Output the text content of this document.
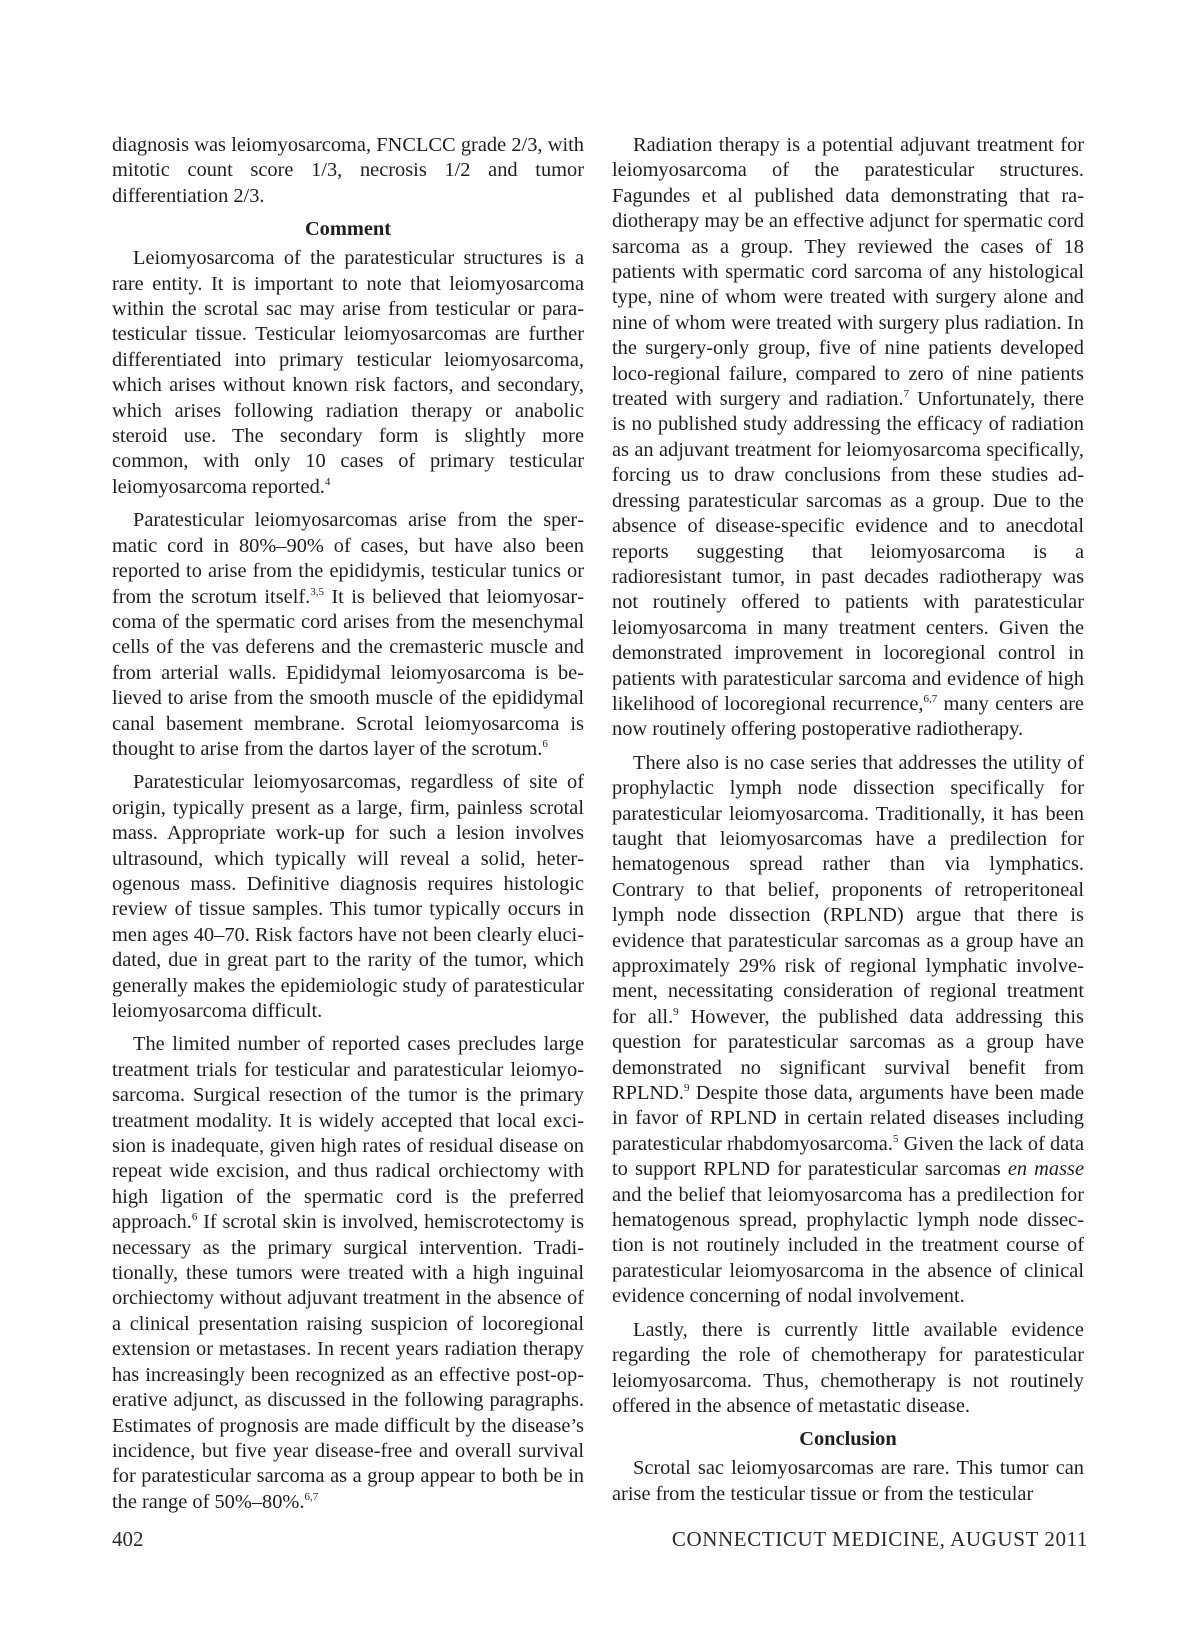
diagnosis was leiomyosarcoma, FNCLCC grade 2/3, with mitotic count score 1/3, necrosis 1/2 and tumor differentiation 2/3.

Comment

Leiomyosarcoma of the paratesticular structures is a rare entity. It is important to note that leiomyosarcoma within the scrotal sac may arise from testicular or paratesticular tissue. Testicular leiomyosarcomas are further differentiated into primary testicular leiomyosarcoma, which arises without known risk factors, and secondary, which arises following radiation therapy or anabolic steroid use. The secondary form is slightly more common, with only 10 cases of primary testicular leiomyosarcoma reported.$^4$

Paratesticular leiomyosarcomas arise from the spermatic cord in 80%–90% of cases, but have also been reported to arise from the epididymis, testicular tunics or from the scrotum itself.$^{3,5}$ It is believed that leiomyosarcoma of the spermatic cord arises from the mesenchymal cells of the vas deferens and the cremasteric muscle and from arterial walls. Epididymal leiomyosarcoma is believed to arise from the smooth muscle of the epididymal canal basement membrane. Scrotal leiomyosarcoma is thought to arise from the dartos layer of the scrotum.$^6$

Paratesticular leiomyosarcomas, regardless of site of origin, typically present as a large, firm, painless scrotal mass. Appropriate work-up for such a lesion involves ultrasound, which typically will reveal a solid, heterogenous mass. Definitive diagnosis requires histologic review of tissue samples. This tumor typically occurs in men ages 40–70. Risk factors have not been clearly elucidated, due in great part to the rarity of the tumor, which generally makes the epidemiologic study of paratesticular leiomyosarcoma difficult.

The limited number of reported cases precludes large treatment trials for testicular and paratesticular leiomyosarcoma. Surgical resection of the tumor is the primary treatment modality. It is widely accepted that local excision is inadequate, given high rates of residual disease on repeat wide excision, and thus radical orchiectomy with high ligation of the spermatic cord is the preferred approach.$^6$ If scrotal skin is involved, hemiscrotectomy is necessary as the primary surgical intervention. Traditionally, these tumors were treated with a high inguinal orchiectomy without adjuvant treatment in the absence of a clinical presentation raising suspicion of locoregional extension or metastases. In recent years radiation therapy has increasingly been recognized as an effective post-operative adjunct, as discussed in the following paragraphs. Estimates of prognosis are made difficult by the disease’s incidence, but five year disease-free and overall survival for paratesticular sarcoma as a group appear to both be in the range of 50%–80%.$^{6,7}$

Radiation therapy is a potential adjuvant treatment for leiomyosarcoma of the paratesticular structures. Fagundes et al published data demonstrating that radiotherapy may be an effective adjunct for spermatic cord sarcoma as a group. They reviewed the cases of 18 patients with spermatic cord sarcoma of any histological type, nine of whom were treated with surgery alone and nine of whom were treated with surgery plus radiation. In the surgery-only group, five of nine patients developed loco-regional failure, compared to zero of nine patients treated with surgery and radiation.$^7$ Unfortunately, there is no published study addressing the efficacy of radiation as an adjuvant treatment for leiomyosarcoma specifically, forcing us to draw conclusions from these studies addressing paratesticular sarcomas as a group. Due to the absence of disease-specific evidence and to anecdotal reports suggesting that leiomyosarcoma is a radioresistant tumor, in past decades radiotherapy was not routinely offered to patients with paratesticular leiomyosarcoma in many treatment centers. Given the demonstrated improvement in locoregional control in patients with paratesticular sarcoma and evidence of high likelihood of locoregional recurrence,$^{6,7}$ many centers are now routinely offering postoperative radiotherapy.

There also is no case series that addresses the utility of prophylactic lymph node dissection specifically for paratesticular leiomyosarcoma. Traditionally, it has been taught that leiomyosarcomas have a predilection for hematogenous spread rather than via lymphatics. Contrary to that belief, proponents of retroperitoneal lymph node dissection (RPLND) argue that there is evidence that paratesticular sarcomas as a group have an approximately 29% risk of regional lymphatic involvement, necessitating consideration of regional treatment for all.$^9$ However, the published data addressing this question for paratesticular sarcomas as a group have demonstrated no significant survival benefit from RPLND.$^9$ Despite those data, arguments have been made in favor of RPLND in certain related diseases including paratesticular rhabdomyosarcoma.$^5$ Given the lack of data to support RPLND for paratesticular sarcomas en masse and the belief that leiomyosarcoma has a predilection for hematogenous spread, prophylactic lymph node dissection is not routinely included in the treatment course of paratesticular leiomyosarcoma in the absence of clinical evidence concerning of nodal involvement.

Lastly, there is currently little available evidence regarding the role of chemotherapy for paratesticular leiomyosarcoma. Thus, chemotherapy is not routinely offered in the absence of metastatic disease.

Conclusion

Scrotal sac leiomyosarcomas are rare. This tumor can arise from the testicular tissue or from the testicular

402	CONNECTICUT MEDICINE, AUGUST 2011
